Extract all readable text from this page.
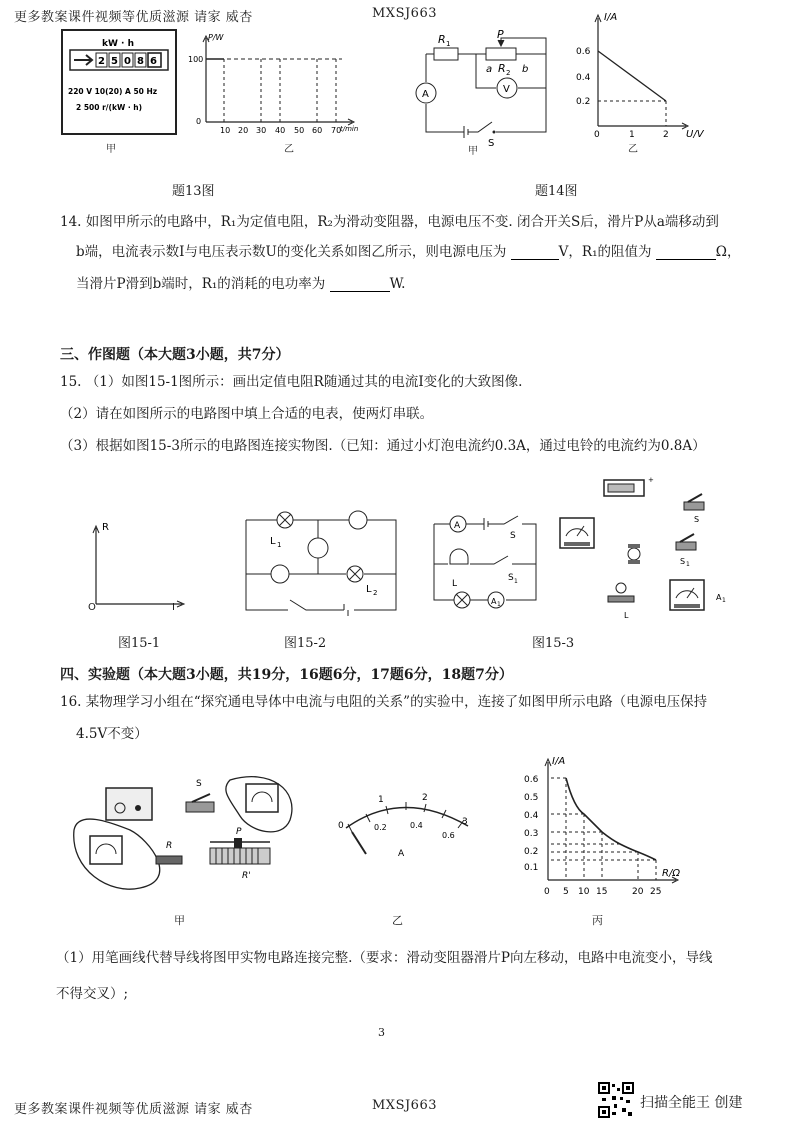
更多教案课件视频等优质滋源 请家 威杏	MXSJ663
kW · h
2 5 0 8 6
220 V 10(20) A 50 Hz
2 500 r/(kW · h)
甲
P/W
100
0
10 20 30 40 50 60 70
t/min
乙
题13图
R 1
P
a R 2 b
A	V
S
甲
I/A
0.6
0.4
0.2
0	1	2 U/V
乙
题14图
14. 如图甲所示的电路中，R₁为定值电阻，R₂为滑动变阻器，电源电压不变. 闭合开关S后，滑片P从a端移动到
b端，电流表示数I与电压表示数U的变化关系如图乙所示，则电源电压为	V，R₁的阻值为	Ω，
当滑片P滑到b端时，R₁的消耗的电功率为	W.
三、作图题（本大题3小题，共7分）
15. （1）如图15-1图所示：画出定值电阻R随通过其的电流I变化的大致图像.
（2）请在如图所示的电路图中填上合适的电表，使两灯串联。
（3）根据如图15-3所示的电路图连接实物图.（已知：通过小灯泡电流约0.3A，通过电铃的电流约为0.8A）
R
O	I
图15-1
L 1
L 2
图15-2
A
S
L
S 1
A 1
图15-3
+
S
S 1
L
A 1
四、实验题（本大题3小题，共19分，16题6分，17题6分，18题7分）
16. 某物理学习小组在“探究通电导体中电流与电阻的关系”的实验中，连接了如图甲所示电路（电源电压保持
4.5V不变）
S
R
P
R'
甲
0
1	2
3
0.2	0.4
0.6
A
乙
I/A
0.6
0.5
0.4
0.3
0.2
0.1
0 5 10 15	20 25
R/Ω
丙
（1）用笔画线代替导线将图甲实物电路连接完整.（要求：滑动变阻器滑片P向左移动，电路中电流变小，导线
不得交叉）;
3
更多教案课件视频等优质滋源 请家 威杏	MXSJ663	扫描全能王 创建
